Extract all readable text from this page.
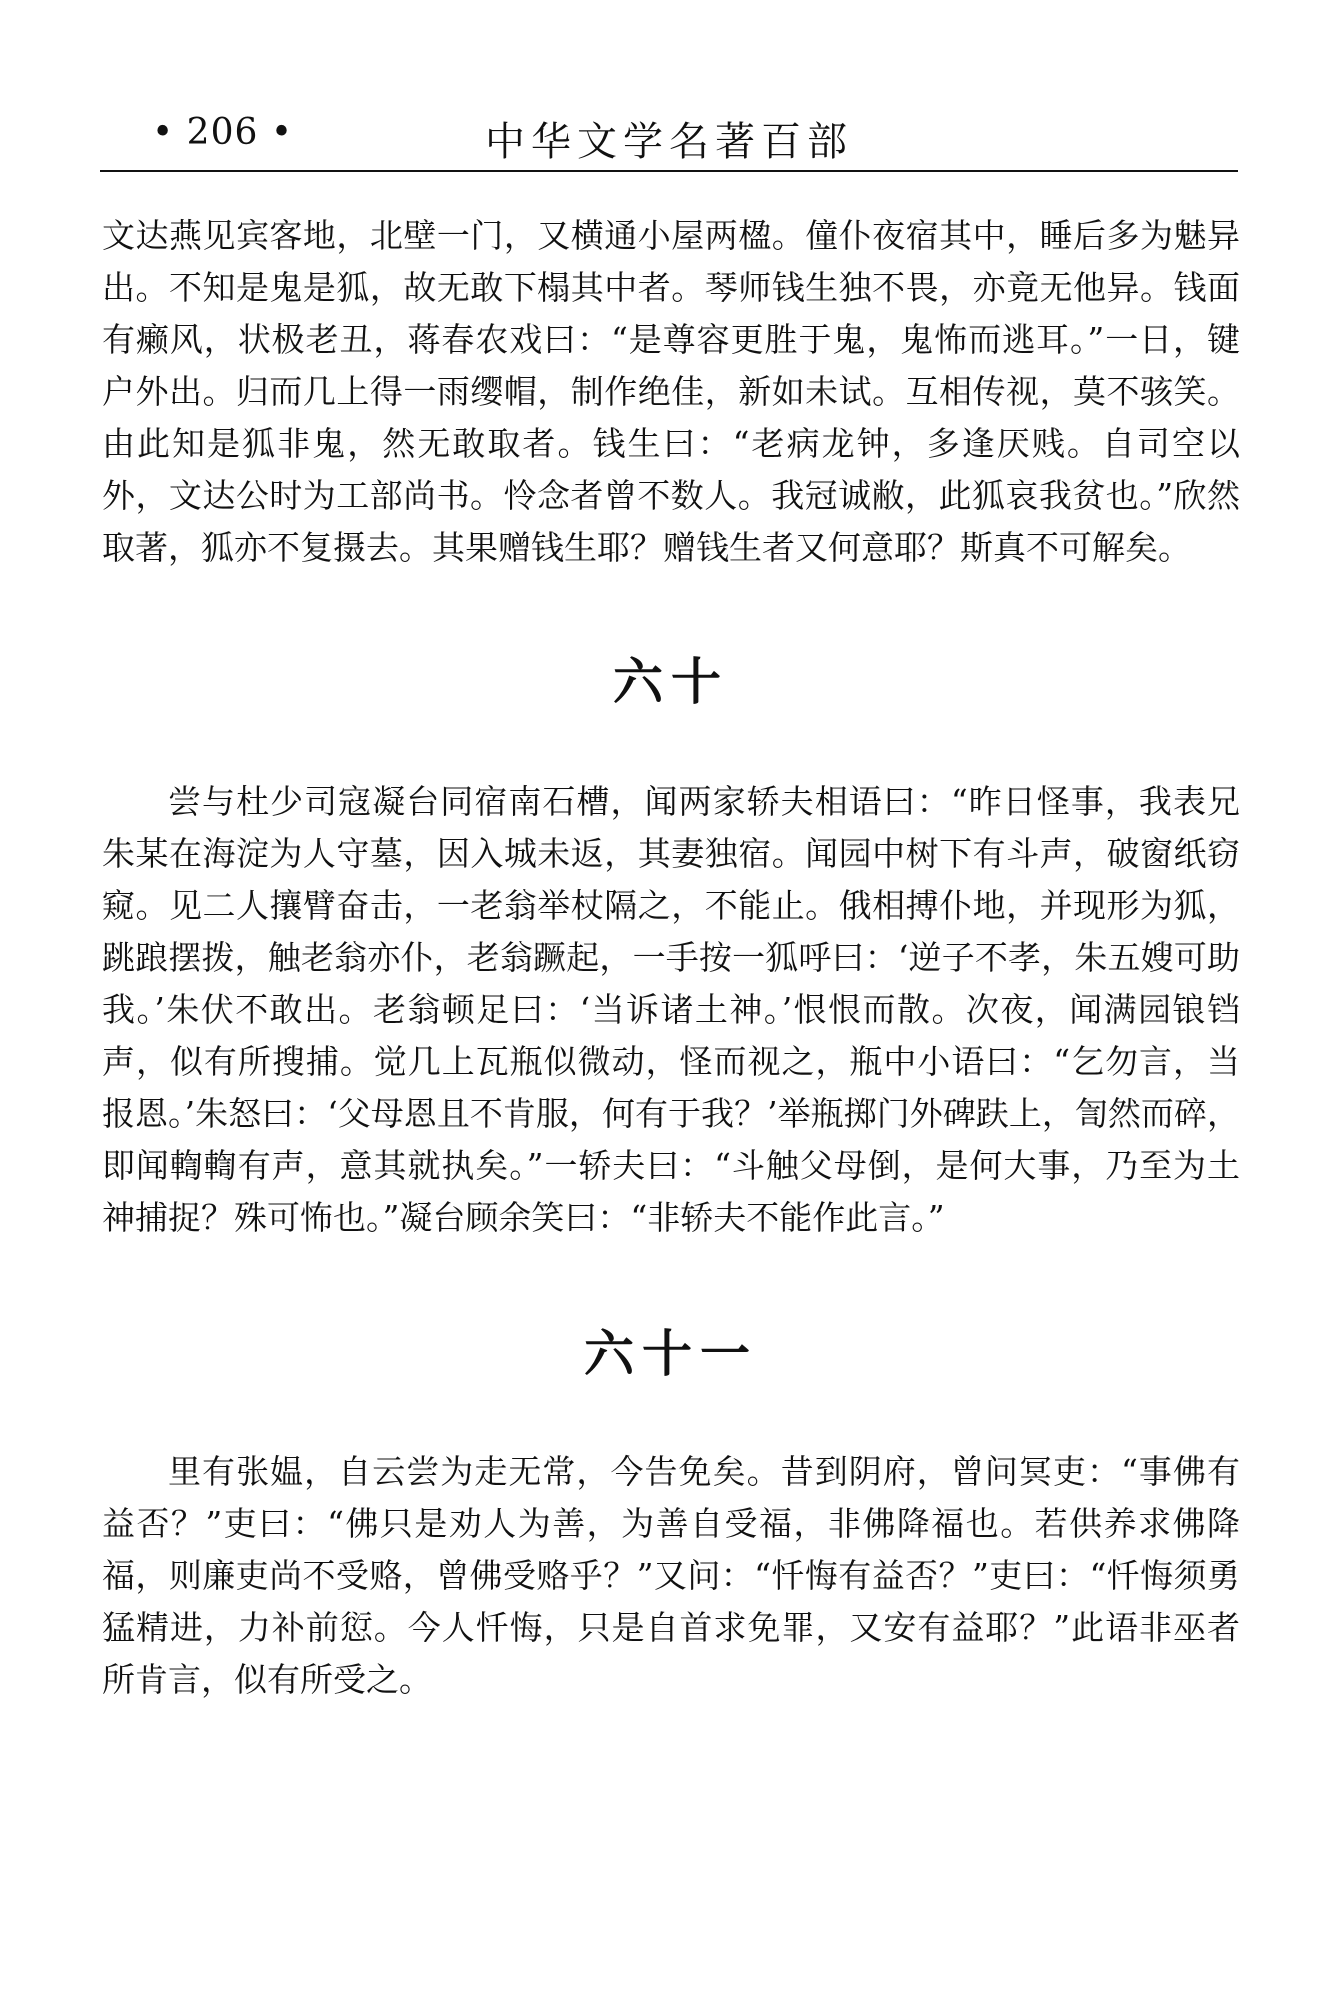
• 206 •	中华文学名著百部

文达燕见宾客地，北壁一门，又横通小屋两楹。僮仆夜宿其中，睡后多为魅异出。不知是鬼是狐，故无敢下榻其中者。琴师钱生独不畏，亦竟无他异。钱面有癞风，状极老丑，蒋春农戏曰：“是尊容更胜于鬼，鬼怖而逃耳。”一日，键户外出。归而几上得一雨缨帽，制作绝佳，新如未试。互相传视，莫不骇笑。由此知是狐非鬼，然无敢取者。钱生曰：“老病龙钟，多逢厌贱。自司空以外，文达公时为工部尚书。怜念者曾不数人。我冠诚敝，此狐哀我贫也。”欣然取著，狐亦不复摄去。其果赠钱生耶？赠钱生者又何意耶？斯真不可解矣。

六十

尝与杜少司寇凝台同宿南石槽，闻两家轿夫相语曰：“昨日怪事，我表兄朱某在海淀为人守墓，因入城未返，其妻独宿。闻园中树下有斗声，破窗纸窃窥。见二人攘臂奋击，一老翁举杖隔之，不能止。俄相搏仆地，并现形为狐，跳踉摆拨，触老翁亦仆，老翁蹶起，一手按一狐呼曰：‘逆子不孝，朱五嫂可助我。’朱伏不敢出。老翁顿足曰：‘当诉诸土神。’恨恨而散。次夜，闻满园锒铛声，似有所搜捕。觉几上瓦瓶似微动，怪而视之，瓶中小语曰：“乞勿言，当报恩。’朱怒曰：‘父母恩且不肯服，何有于我？’举瓶掷门外碑趺上，訇然而碎，即闻輷輷有声，意其就执矣。”一轿夫曰：“斗触父母倒，是何大事，乃至为土神捕捉？殊可怖也。”凝台顾余笑曰：“非轿夫不能作此言。”

六十一

里有张媪，自云尝为走无常，今告免矣。昔到阴府，曾问冥吏：“事佛有益否？”吏曰：“佛只是劝人为善，为善自受福，非佛降福也。若供养求佛降福，则廉吏尚不受赂，曾佛受赂乎？”又问：“忏悔有益否？”吏曰：“忏悔须勇猛精进，力补前愆。今人忏悔，只是自首求免罪，又安有益耶？”此语非巫者所肯言，似有所受之。
